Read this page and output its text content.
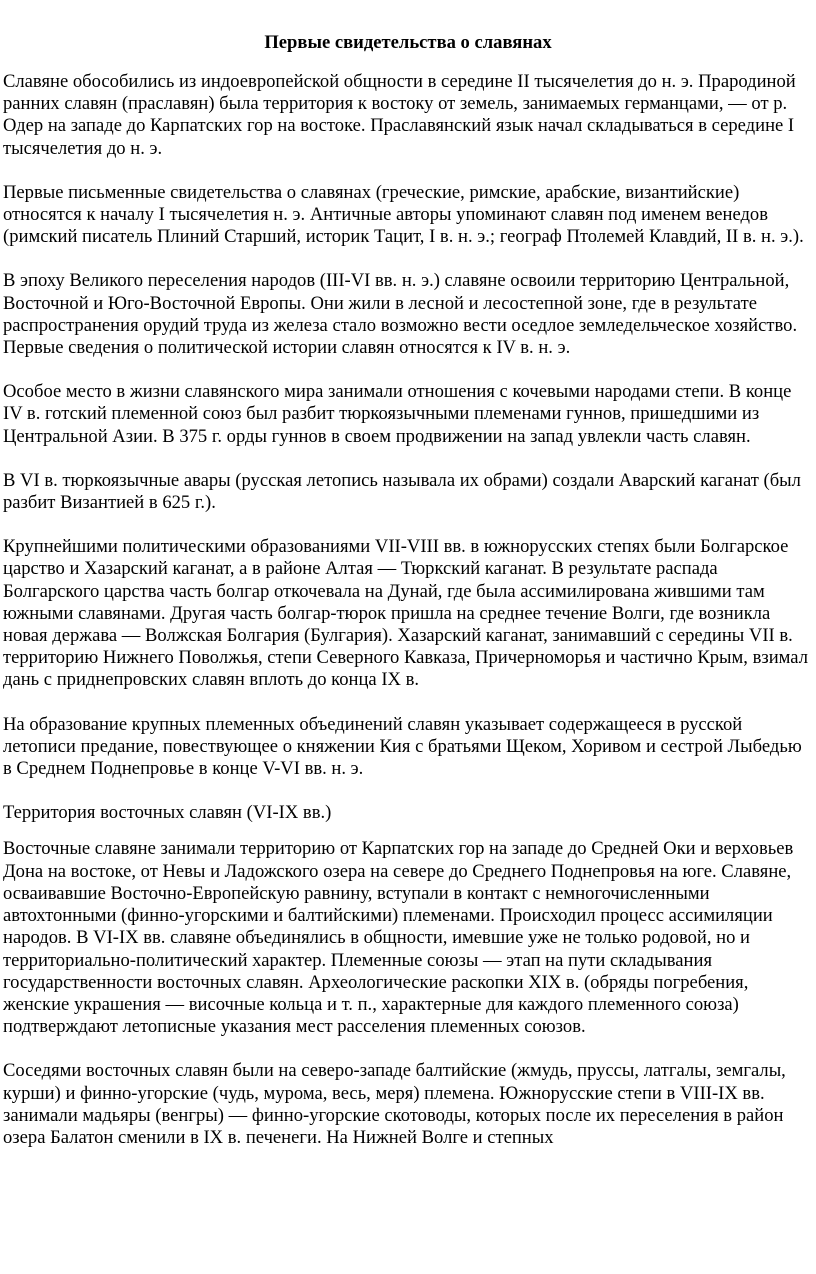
Первые свидетельства о славянах

Славяне обособились из индоевропейской общности в середине II тысячелетия до н. э. Прародиной ранних славян (праславян) была территория к востоку от земель, занимаемых германцами, — от р. Одер на западе до Карпатских гор на востоке. Праславянский язык начал складываться в середине I тысячелетия до н. э.

Первые письменные свидетельства о славянах (греческие, римские, арабские, византийские) относятся к началу I тысячелетия н. э. Античные авторы упоминают славян под именем венедов (римский писатель Плиний Старший, историк Тацит, I в. н. э.; географ Птолемей Клавдий, II в. н. э.).

В эпоху Великого переселения народов (III-VI вв. н. э.) славяне освоили территорию Центральной, Восточной и Юго-Восточной Европы. Они жили в лесной и лесостепной зоне, где в результате распространения орудий труда из железа стало возможно вести оседлое земледельческое хозяйство. Первые сведения о политической истории славян относятся к IV в. н. э.

Особое место в жизни славянского мира занимали отношения с кочевыми народами степи. В конце IV в. готский племенной союз был разбит тюркоязычными племенами гуннов, пришедшими из Центральной Азии. В 375 г. орды гуннов в своем продвижении на запад увлекли часть славян.

В VI в. тюркоязычные авары (русская летопись называла их обрами) создали Аварский каганат (был разбит Византией в 625 г.).

Крупнейшими политическими образованиями VII-VIII вв. в южнорусских степях были Болгарское царство и Хазарский каганат, а в районе Алтая — Тюркский каганат. В результате распада Болгарского царства часть болгар откочевала на Дунай, где была ассимилирована жившими там южными славянами. Другая часть болгар-тюрок пришла на среднее течение Волги, где возникла новая держава — Волжская Болгария (Булгария). Хазарский каганат, занимавший с середины VII в. территорию Нижнего Поволжья, степи Северного Кавказа, Причерноморья и частично Крым, взимал дань с приднепровских славян вплоть до конца IX в.

На образование крупных племенных объединений славян указывает содержащееся в русской летописи предание, повествующее о княжении Кия с братьями Щеком, Хоривом и сестрой Лыбедью в Среднем Поднепровье в конце V-VI вв. н. э.

Территория восточных славян (VI-IX вв.)

Восточные славяне занимали территорию от Карпатских гор на западе до Средней Оки и верховьев Дона на востоке, от Невы и Ладожского озера на севере до Среднего Поднепровья на юге. Славяне, осваивавшие Восточно-Европейскую равнину, вступали в контакт с немногочисленными автохтонными (финно-угорскими и балтийскими) племенами. Происходил процесс ассимиляции народов. В VI-IX вв. славяне объединялись в общности, имевшие уже не только родовой, но и территориально-политический характер. Племенные союзы — этап на пути складывания государственности восточных славян. Археологические раскопки XIX в. (обряды погребения, женские украшения — височные кольца и т. п., характерные для каждого племенного союза) подтверждают летописные указания мест расселения племенных союзов.

Соседями восточных славян были на северо-западе балтийские (жмудь, пруссы, латгалы, земгалы, курши) и финно-угорские (чудь, мурома, весь, меря) племена. Южнорусские степи в VIII-IX вв. занимали мадьяры (венгры) — финно-угорские скотоводы, которых после их переселения в район озера Балатон сменили в IX в. печенеги. На Нижней Волге и степных
